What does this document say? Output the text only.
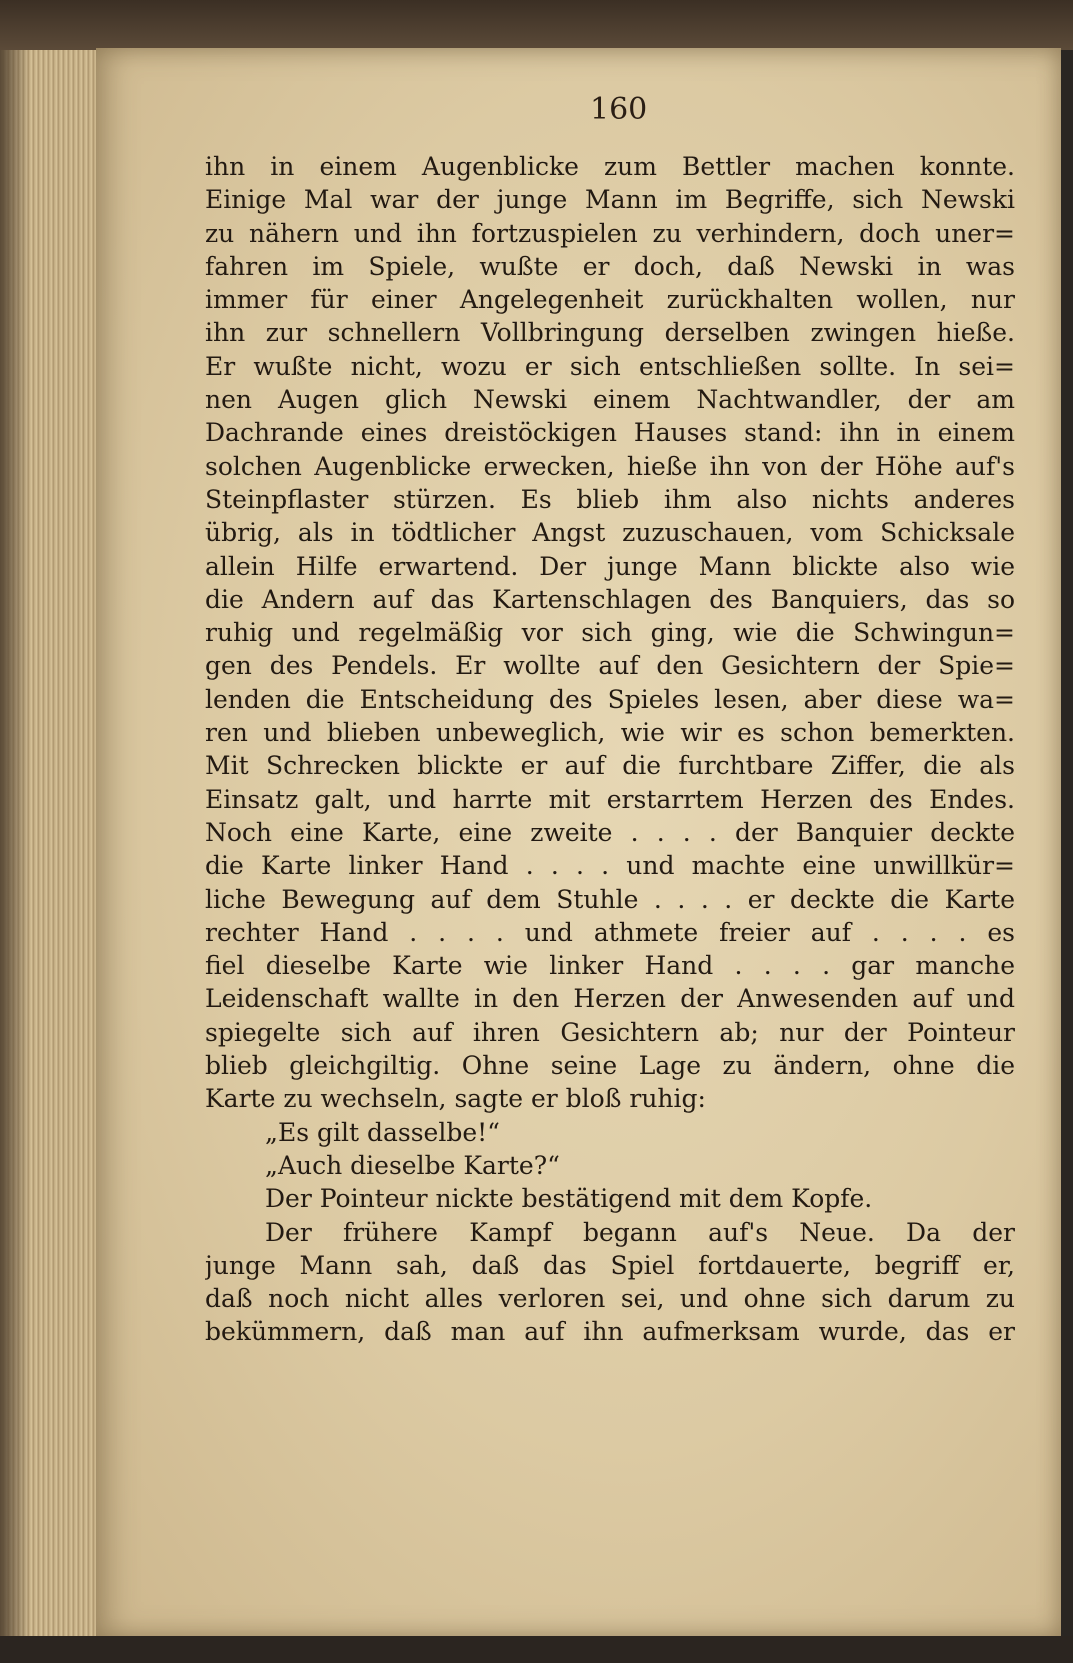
160
ihn in einem Augenblicke zum Bettler machen konnte.
Einige Mal war der junge Mann im Begriffe, sich Newski
zu nähern und ihn fortzuspielen zu verhindern, doch uner=
fahren im Spiele, wußte er doch, daß Newski in was
immer für einer Angelegenheit zurückhalten wollen, nur
ihn zur schnellern Vollbringung derselben zwingen hieße.
Er wußte nicht, wozu er sich entschließen sollte. In sei=
nen Augen glich Newski einem Nachtwandler, der am
Dachrande eines dreistöckigen Hauses stand: ihn in einem
solchen Augenblicke erwecken, hieße ihn von der Höhe auf's
Steinpflaster stürzen. Es blieb ihm also nichts anderes
übrig, als in tödtlicher Angst zuzuschauen, vom Schicksale
allein Hilfe erwartend. Der junge Mann blickte also wie
die Andern auf das Kartenschlagen des Banquiers, das so
ruhig und regelmäßig vor sich ging, wie die Schwingun=
gen des Pendels. Er wollte auf den Gesichtern der Spie=
lenden die Entscheidung des Spieles lesen, aber diese wa=
ren und blieben unbeweglich, wie wir es schon bemerkten.
Mit Schrecken blickte er auf die furchtbare Ziffer, die als
Einsatz galt, und harrte mit erstarrtem Herzen des Endes.
Noch eine Karte, eine zweite . . . . der Banquier deckte
die Karte linker Hand . . . . und machte eine unwillkür=
liche Bewegung auf dem Stuhle . . . . er deckte die Karte
rechter Hand . . . . und athmete freier auf . . . . es
fiel dieselbe Karte wie linker Hand . . . . gar manche
Leidenschaft wallte in den Herzen der Anwesenden auf und
spiegelte sich auf ihren Gesichtern ab; nur der Pointeur
blieb gleichgiltig. Ohne seine Lage zu ändern, ohne die
Karte zu wechseln, sagte er bloß ruhig:
„Es gilt dasselbe!“
„Auch dieselbe Karte?“
Der Pointeur nickte bestätigend mit dem Kopfe.
Der frühere Kampf begann auf's Neue. Da der
junge Mann sah, daß das Spiel fortdauerte, begriff er,
daß noch nicht alles verloren sei, und ohne sich darum zu
bekümmern, daß man auf ihn aufmerksam wurde, das er
